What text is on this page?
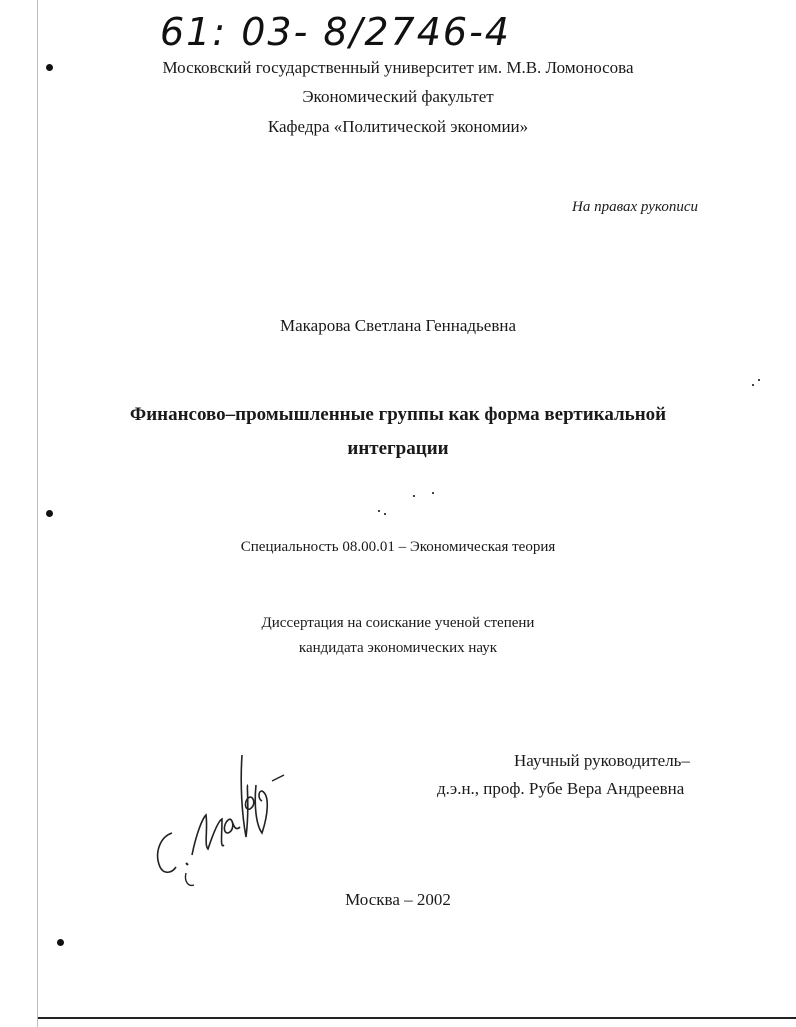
61: 03- 8/2746-4

Московский государственный университет им. М.В. Ломоносова

Экономический факультет

Кафедра «Политической экономии»

На правах рукописи

Макарова Светлана Геннадьевна

Финансово–промышленные группы как форма вертикальной

интеграции

Специальность 08.00.01 – Экономическая теория

Диссертация на соискание ученой степени

кандидата экономических наук

Научный руководитель–

д.э.н., проф. Рубе Вера Андреевна

Москва – 2002
